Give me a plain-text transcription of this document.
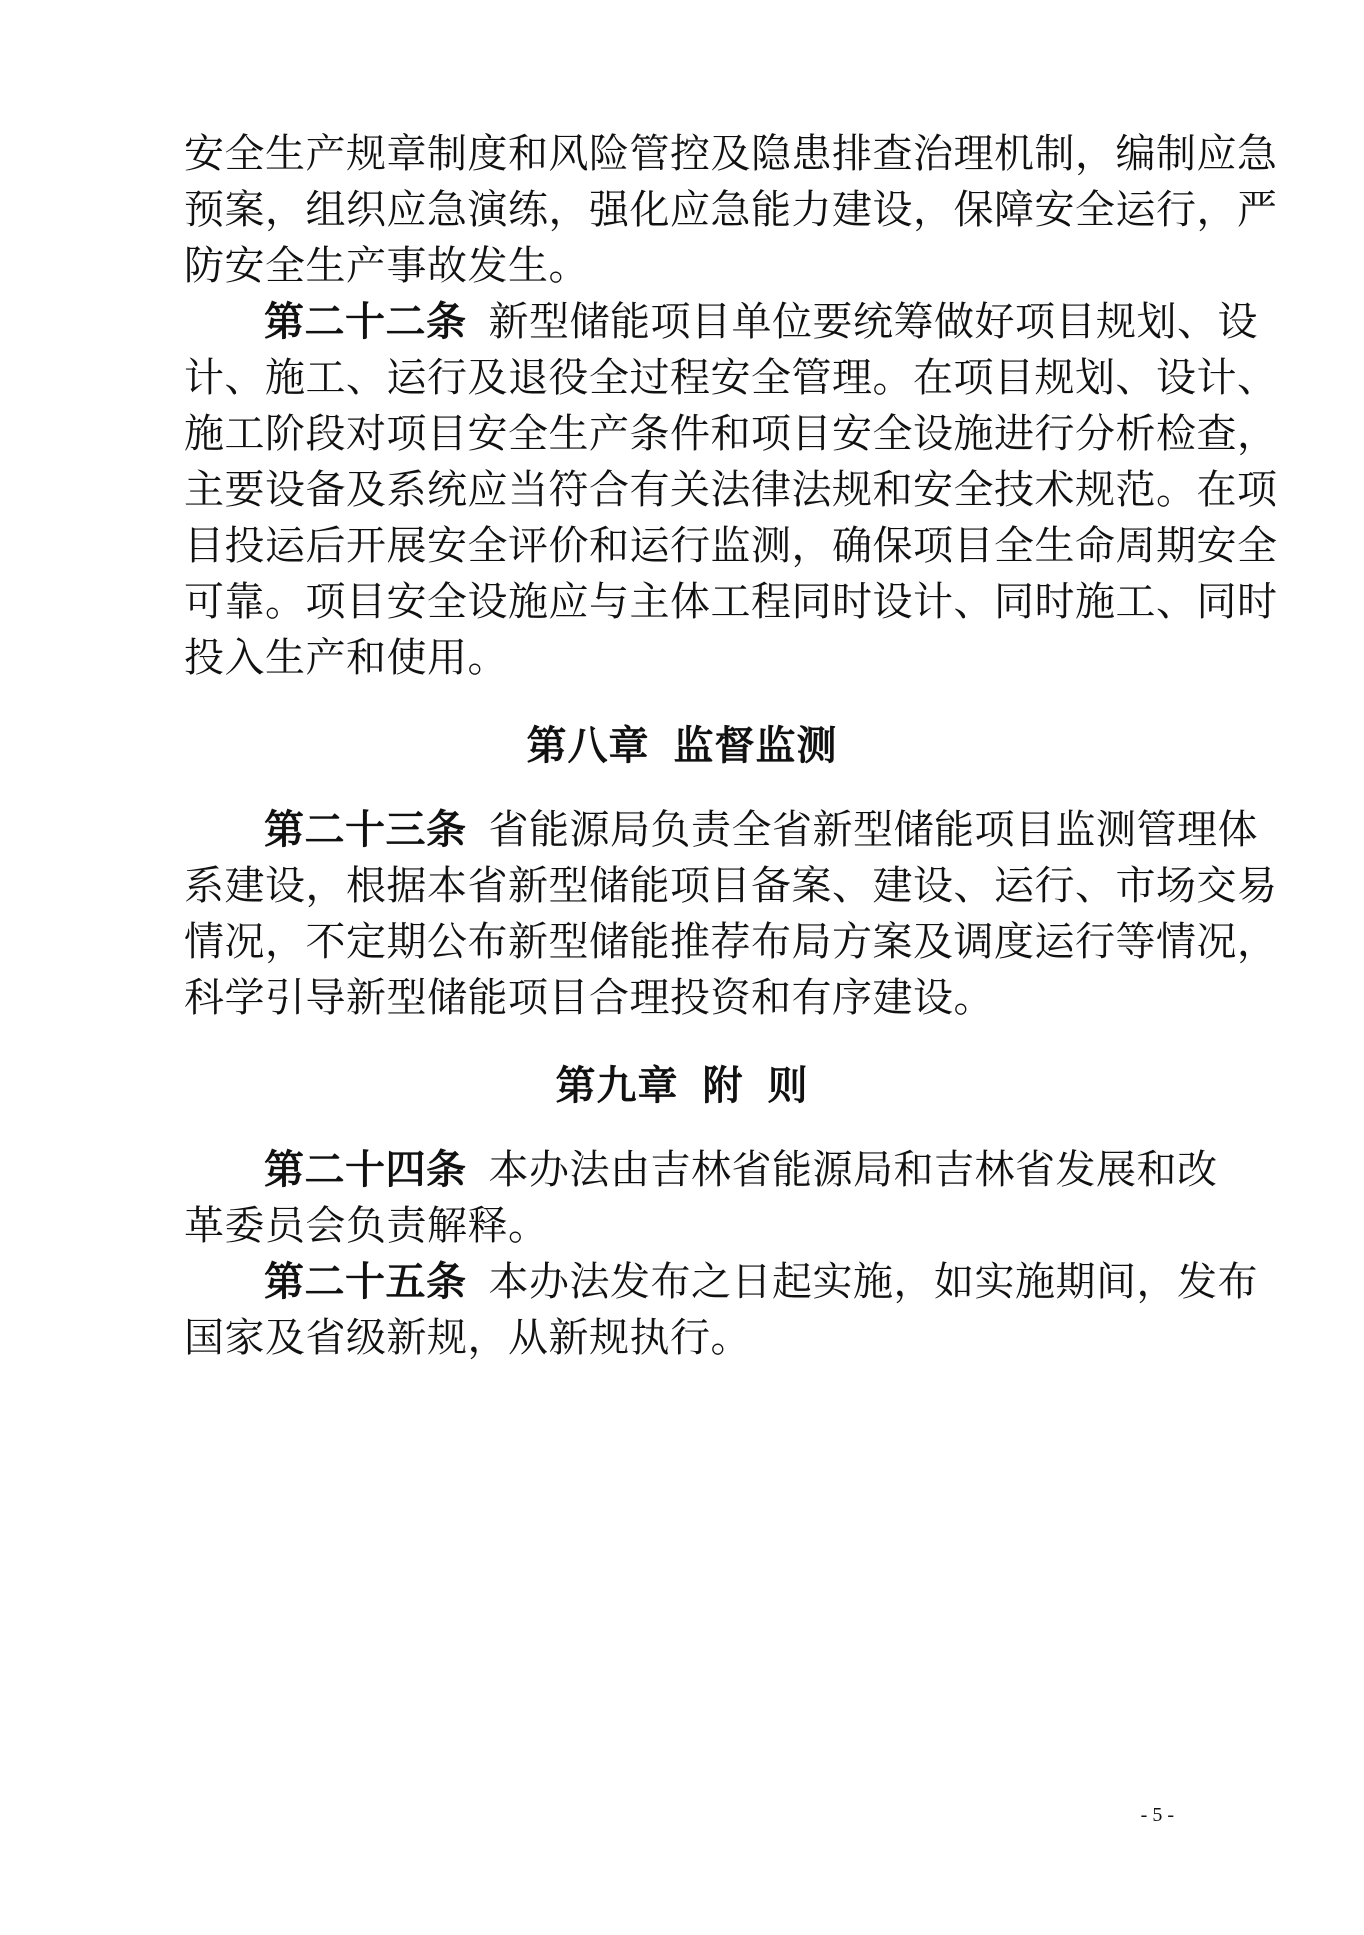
安全生产规章制度和风险管控及隐患排查治理机制，编制应急
预案，组织应急演练，强化应急能力建设，保障安全运行，严
防安全生产事故发生。
第二十二条 新型储能项目单位要统筹做好项目规划、设
计、施工、运行及退役全过程安全管理。在项目规划、设计、
施工阶段对项目安全生产条件和项目安全设施进行分析检查，
主要设备及系统应当符合有关法律法规和安全技术规范。在项
目投运后开展安全评价和运行监测，确保项目全生命周期安全
可靠。项目安全设施应与主体工程同时设计、同时施工、同时
投入生产和使用。
第八章 监督监测
第二十三条 省能源局负责全省新型储能项目监测管理体
系建设，根据本省新型储能项目备案、建设、运行、市场交易
情况，不定期公布新型储能推荐布局方案及调度运行等情况，
科学引导新型储能项目合理投资和有序建设。
第九章 附 则
第二十四条 本办法由吉林省能源局和吉林省发展和改
革委员会负责解释。
第二十五条 本办法发布之日起实施，如实施期间，发布
国家及省级新规，从新规执行。
- 5 -
